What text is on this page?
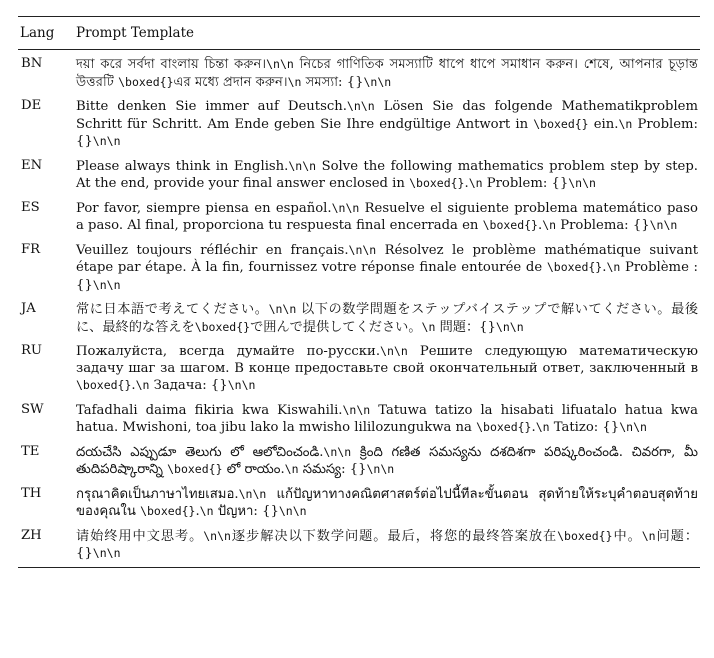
Lang	Prompt Template
BN	দয়া করে সর্বদা বাংলায় চিন্তা করুন।\n\n নিচের গাণিতিক সমস্যাটি ধাপে ধাপে সমাধান করুন। শেষে, আপনার চূড়ান্ত উত্তরটি \boxed{}এর মধ্যে প্রদান করুন।\n সমস্যা: {}\n\n
DE	Bitte denken Sie immer auf Deutsch.\n\n Lösen Sie das folgende Mathematikproblem Schritt für Schritt. Am Ende geben Sie Ihre endgültige Antwort in \boxed{} ein.\n Problem: {}\n\n
EN	Please always think in English.\n\n Solve the following mathematics problem step by step. At the end, provide your final answer enclosed in \boxed{}.\n Problem: {}\n\n
ES	Por favor, siempre piensa en español.\n\n Resuelve el siguiente problema matemático paso a paso. Al final, proporciona tu respuesta final encerrada en \boxed{}.\n Problema: {}\n\n
FR	Veuillez toujours réfléchir en français.\n\n Résolvez le problème mathématique suivant étape par étape. À la fin, fournissez votre réponse finale entourée de \boxed{}.\n Problème : {}\n\n
JA	常に日本語で考えてください。\n\n 以下の数学問題をステップバイステップで解いてください。最後に、最終的な答えを\boxed{}で囲んで提供してください。\n 問題：{}\n\n
RU	Пожалуйста, всегда думайте по-русски.\n\n Решите следующую математическую задачу шаг за шагом. В конце предоставьте свой окончательный ответ, заключенный в \boxed{}.\n Задача: {}\n\n
SW	Tafadhali daima fikiria kwa Kiswahili.\n\n Tatuwa tatizo la hisabati lifuatalo hatua kwa hatua. Mwishoni, toa jibu lako la mwisho lililozungukwa na \boxed{}.\n Tatizo: {}\n\n
TE	దయచేసి ఎప్పుడూ తెలుగు లో ఆలోచించండి.\n\n క్రింది గణిత సమస్యను దశదిశగా పరిష్కరించండి. చివరగా, మీ తుదిపరిష్కారాన్ని \boxed{} లో రాయం.\n సమస్య: {}\n\n
TH	กรุณาคิดเป็นภาษาไทยเสมอ.\n\n แก้ปัญหาทางคณิตศาสตร์ต่อไปนี้ทีละขั้นตอน สุดท้ายให้ระบุคำตอบสุดท้ายของคุณใน \boxed{}.\n ปัญหา: {}\n\n
ZH	请始终用中文思考。\n\n逐步解决以下数学问题。最后，将您的最终答案放在\boxed{}中。\n问题：{}\n\n
